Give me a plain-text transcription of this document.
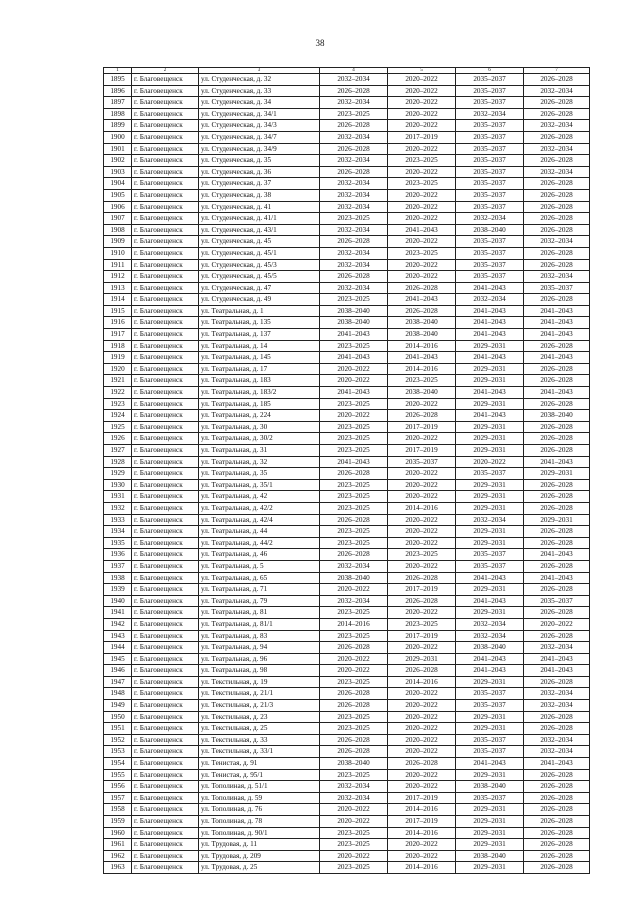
38
1	2	3	4	5	6	7
1895	г. Благовещенск	ул. Студенческая, д. 32	2032–2034	2020–2022	2035–2037	2026–2028
1896	г. Благовещенск	ул. Студенческая, д. 33	2026–2028	2020–2022	2035–2037	2032–2034
1897	г. Благовещенск	ул. Студенческая, д. 34	2032–2034	2020–2022	2035–2037	2026–2028
1898	г. Благовещенск	ул. Студенческая, д. 34/1	2023–2025	2020–2022	2032–2034	2026–2028
1899	г. Благовещенск	ул. Студенческая, д. 34/3	2026–2028	2020–2022	2035–2037	2032–2034
1900	г. Благовещенск	ул. Студенческая, д. 34/7	2032–2034	2017–2019	2035–2037	2026–2028
1901	г. Благовещенск	ул. Студенческая, д. 34/9	2026–2028	2020–2022	2035–2037	2032–2034
1902	г. Благовещенск	ул. Студенческая, д. 35	2032–2034	2023–2025	2035–2037	2026–2028
1903	г. Благовещенск	ул. Студенческая, д. 36	2026–2028	2020–2022	2035–2037	2032–2034
1904	г. Благовещенск	ул. Студенческая, д. 37	2032–2034	2023–2025	2035–2037	2026–2028
1905	г. Благовещенск	ул. Студенческая, д. 38	2032–2034	2020–2022	2035–2037	2026–2028
1906	г. Благовещенск	ул. Студенческая, д. 41	2032–2034	2020–2022	2035–2037	2026–2028
1907	г. Благовещенск	ул. Студенческая, д. 41/1	2023–2025	2020–2022	2032–2034	2026–2028
1908	г. Благовещенск	ул. Студенческая, д. 43/1	2032–2034	2041–2043	2038–2040	2026–2028
1909	г. Благовещенск	ул. Студенческая, д. 45	2026–2028	2020–2022	2035–2037	2032–2034
1910	г. Благовещенск	ул. Студенческая, д. 45/1	2032–2034	2023–2025	2035–2037	2026–2028
1911	г. Благовещенск	ул. Студенческая, д. 45/3	2032–2034	2020–2022	2035–2037	2026–2028
1912	г. Благовещенск	ул. Студенческая, д. 45/5	2026–2028	2020–2022	2035–2037	2032–2034
1913	г. Благовещенск	ул. Студенческая, д. 47	2032–2034	2026–2028	2041–2043	2035–2037
1914	г. Благовещенск	ул. Студенческая, д. 49	2023–2025	2041–2043	2032–2034	2026–2028
1915	г. Благовещенск	ул. Театральная, д. 1	2038–2040	2026–2028	2041–2043	2041–2043
1916	г. Благовещенск	ул. Театральная, д. 135	2038–2040	2038–2040	2041–2043	2041–2043
1917	г. Благовещенск	ул. Театральная, д. 137	2041–2043	2038–2040	2041–2043	2041–2043
1918	г. Благовещенск	ул. Театральная, д. 14	2023–2025	2014–2016	2029–2031	2026–2028
1919	г. Благовещенск	ул. Театральная, д. 145	2041–2043	2041–2043	2041–2043	2041–2043
1920	г. Благовещенск	ул. Театральная, д. 17	2020–2022	2014–2016	2029–2031	2026–2028
1921	г. Благовещенск	ул. Театральная, д. 183	2020–2022	2023–2025	2029–2031	2026–2028
1922	г. Благовещенск	ул. Театральная, д. 183/2	2041–2043	2038–2040	2041–2043	2041–2043
1923	г. Благовещенск	ул. Театральная, д. 185	2023–2025	2020–2022	2029–2031	2026–2028
1924	г. Благовещенск	ул. Театральная, д. 224	2020–2022	2026–2028	2041–2043	2038–2040
1925	г. Благовещенск	ул. Театральная, д. 30	2023–2025	2017–2019	2029–2031	2026–2028
1926	г. Благовещенск	ул. Театральная, д. 30/2	2023–2025	2020–2022	2029–2031	2026–2028
1927	г. Благовещенск	ул. Театральная, д. 31	2023–2025	2017–2019	2029–2031	2026–2028
1928	г. Благовещенск	ул. Театральная, д. 32	2041–2043	2035–2037	2020–2022	2041–2043
1929	г. Благовещенск	ул. Театральная, д. 35	2026–2028	2020–2022	2035–2037	2029–2031
1930	г. Благовещенск	ул. Театральная, д. 35/1	2023–2025	2020–2022	2029–2031	2026–2028
1931	г. Благовещенск	ул. Театральная, д. 42	2023–2025	2020–2022	2029–2031	2026–2028
1932	г. Благовещенск	ул. Театральная, д. 42/2	2023–2025	2014–2016	2029–2031	2026–2028
1933	г. Благовещенск	ул. Театральная, д. 42/4	2026–2028	2020–2022	2032–2034	2029–2031
1934	г. Благовещенск	ул. Театральная, д. 44	2023–2025	2020–2022	2029–2031	2026–2028
1935	г. Благовещенск	ул. Театральная, д. 44/2	2023–2025	2020–2022	2029–2031	2026–2028
1936	г. Благовещенск	ул. Театральная, д. 46	2026–2028	2023–2025	2035–2037	2041–2043
1937	г. Благовещенск	ул. Театральная, д. 5	2032–2034	2020–2022	2035–2037	2026–2028
1938	г. Благовещенск	ул. Театральная, д. 65	2038–2040	2026–2028	2041–2043	2041–2043
1939	г. Благовещенск	ул. Театральная, д. 71	2020–2022	2017–2019	2029–2031	2026–2028
1940	г. Благовещенск	ул. Театральная, д. 79	2032–2034	2026–2028	2041–2043	2035–2037
1941	г. Благовещенск	ул. Театральная, д. 81	2023–2025	2020–2022	2029–2031	2026–2028
1942	г. Благовещенск	ул. Театральная, д. 81/1	2014–2016	2023–2025	2032–2034	2020–2022
1943	г. Благовещенск	ул. Театральная, д. 83	2023–2025	2017–2019	2032–2034	2026–2028
1944	г. Благовещенск	ул. Театральная, д. 94	2026–2028	2020–2022	2038–2040	2032–2034
1945	г. Благовещенск	ул. Театральная, д. 96	2020–2022	2029–2031	2041–2043	2041–2043
1946	г. Благовещенск	ул. Театральная, д. 98	2020–2022	2026–2028	2041–2043	2041–2043
1947	г. Благовещенск	ул. Текстильная, д. 19	2023–2025	2014–2016	2029–2031	2026–2028
1948	г. Благовещенск	ул. Текстильная, д. 21/1	2026–2028	2020–2022	2035–2037	2032–2034
1949	г. Благовещенск	ул. Текстильная, д. 21/3	2026–2028	2020–2022	2035–2037	2032–2034
1950	г. Благовещенск	ул. Текстильная, д. 23	2023–2025	2020–2022	2029–2031	2026–2028
1951	г. Благовещенск	ул. Текстильная, д. 25	2023–2025	2020–2022	2029–2031	2026–2028
1952	г. Благовещенск	ул. Текстильная, д. 33	2026–2028	2020–2022	2035–2037	2032–2034
1953	г. Благовещенск	ул. Текстильная, д. 33/1	2026–2028	2020–2022	2035–2037	2032–2034
1954	г. Благовещенск	ул. Тенистая, д. 91	2038–2040	2026–2028	2041–2043	2041–2043
1955	г. Благовещенск	ул. Тенистая, д. 95/1	2023–2025	2020–2022	2029–2031	2026–2028
1956	г. Благовещенск	ул. Тополиная, д. 51/1	2032–2034	2020–2022	2038–2040	2026–2028
1957	г. Благовещенск	ул. Тополиная, д. 59	2032–2034	2017–2019	2035–2037	2026–2028
1958	г. Благовещенск	ул. Тополиная, д. 76	2020–2022	2014–2016	2029–2031	2026–2028
1959	г. Благовещенск	ул. Тополиная, д. 78	2020–2022	2017–2019	2029–2031	2026–2028
1960	г. Благовещенск	ул. Тополиная, д. 90/1	2023–2025	2014–2016	2029–2031	2026–2028
1961	г. Благовещенск	ул. Трудовая, д. 11	2023–2025	2020–2022	2029–2031	2026–2028
1962	г. Благовещенск	ул. Трудовая, д. 209	2020–2022	2020–2022	2038–2040	2026–2028
1963	г. Благовещенск	ул. Трудовая, д. 25	2023–2025	2014–2016	2029–2031	2026–2028
